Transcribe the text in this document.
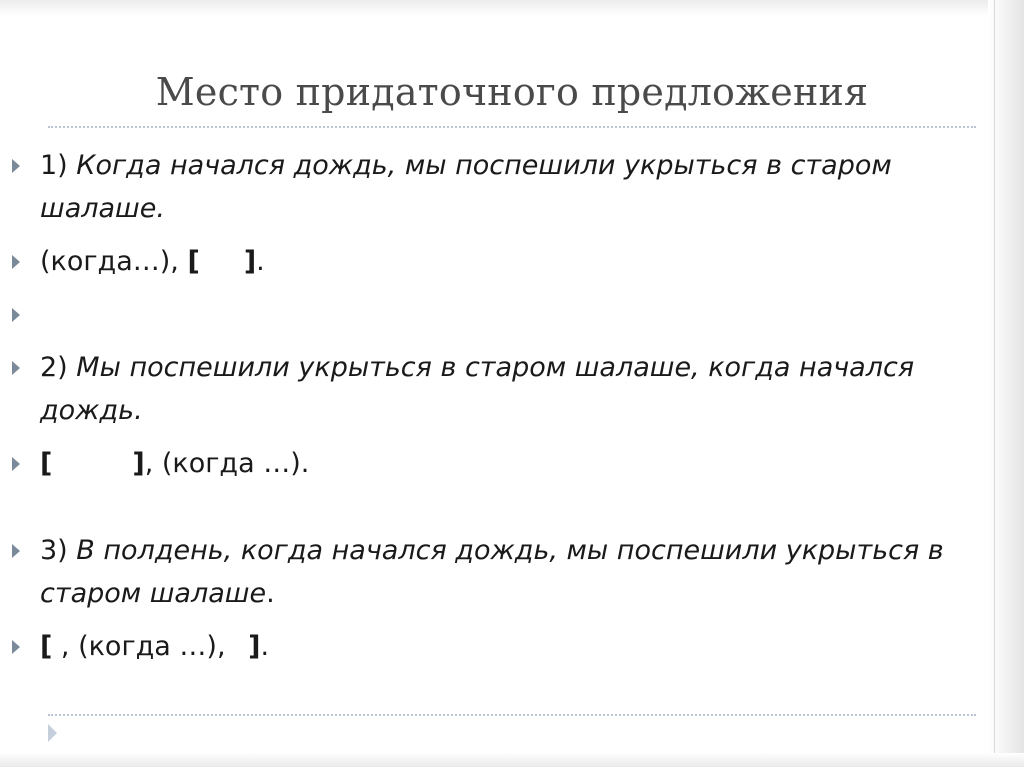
Место придаточного предложения
1) Когда начался дождь, мы поспешили укрыться в старом шалаше.
(когда…), [ ].
2) Мы поспешили укрыться в старом шалаше, когда начался дождь.
[	], (когда …).
3) В полдень, когда начался дождь, мы поспешили укрыться в старом шалаше.
[ , (когда …), ].
